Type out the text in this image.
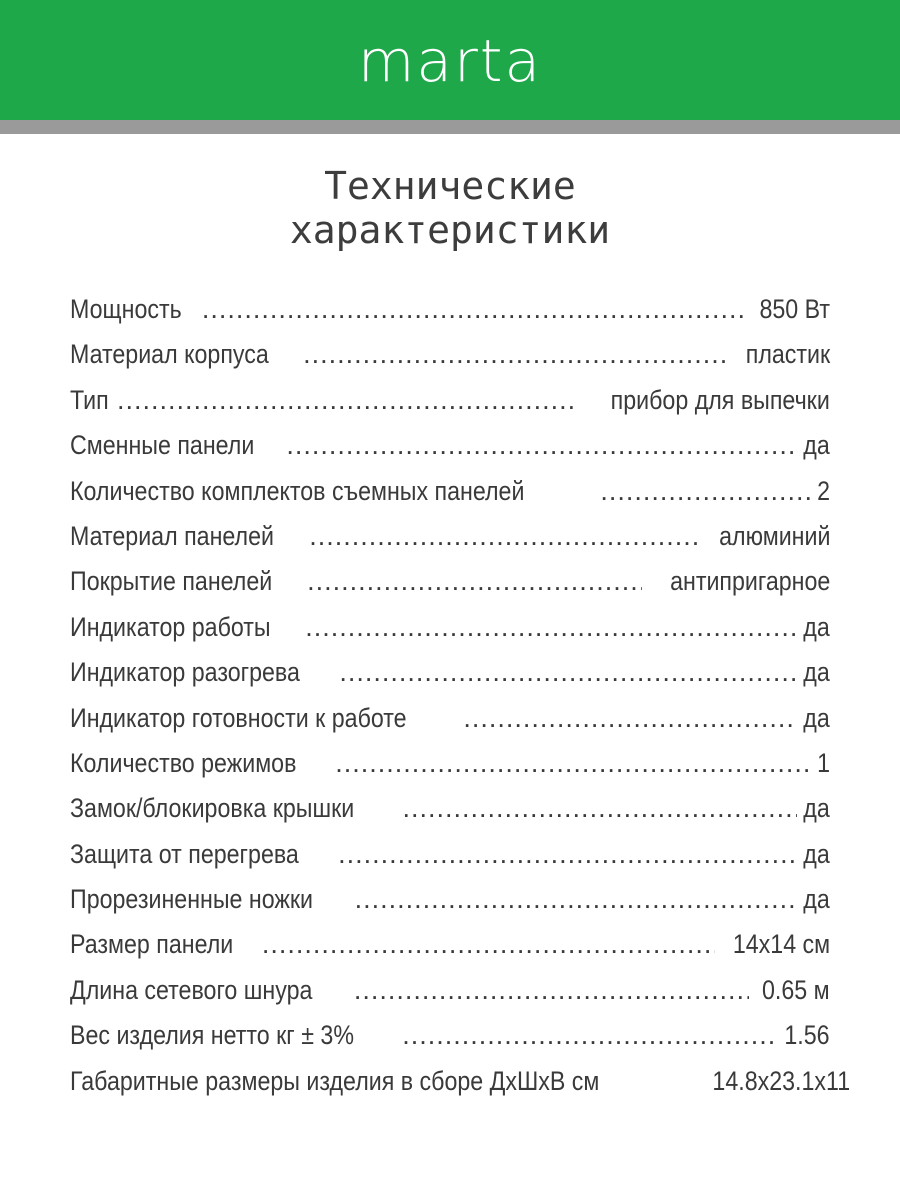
marta
Технические
характеристики
Мощность .....	850 Вт
Материал корпуса .....	пластик
Тип .....	прибор для выпечки
Сменные панели .....	да
Количество комплектов съемных панелей .....	2
Материал панелей .....	алюминий
Покрытие панелей .....	антипригарное
Индикатор работы .....	да
Индикатор разогрева .....	да
Индикатор готовности к работе .....	да
Количество режимов .....	1
Замок/блокировка крышки .....	да
Защита от перегрева .....	да
Прорезиненные ножки .....	да
Размер панели .....	14х14 см
Длина сетевого шнура .....	0.65 м
Вес изделия нетто кг ± 3% .....	1.56
Габаритные размеры изделия в сборе ДхШхВ см	14.8х23.1х11
